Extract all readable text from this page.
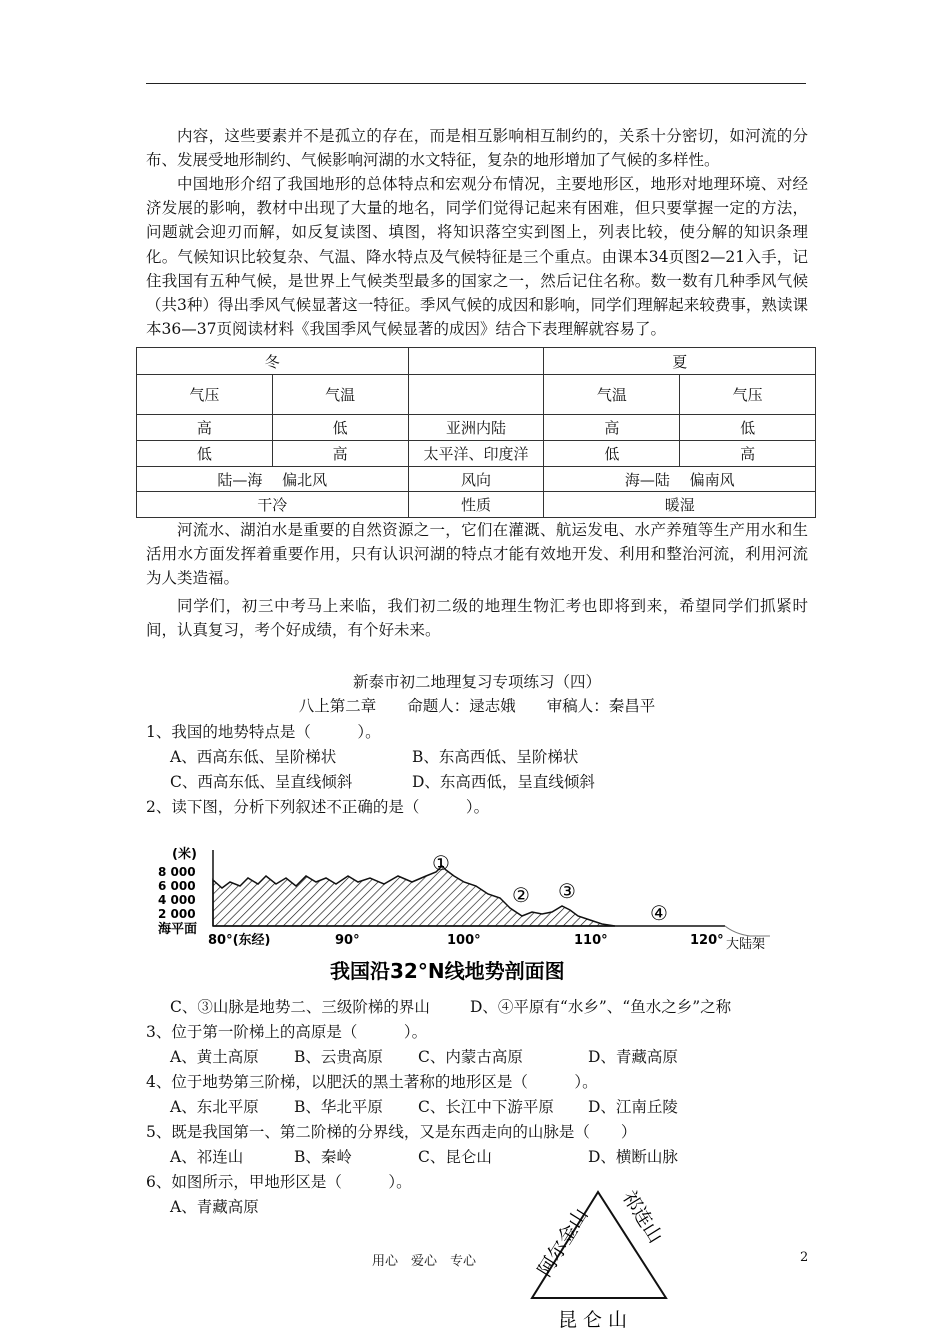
内容，这些要素并不是孤立的存在，而是相互影响相互制约的，关系十分密切，如河流的分布、发展受地形制约、气候影响河湖的水文特征，复杂的地形增加了气候的多样性。

中国地形介绍了我国地形的总体特点和宏观分布情况，主要地形区，地形对地理环境、对经济发展的影响，教材中出现了大量的地名，同学们觉得记起来有困难，但只要掌握一定的方法，问题就会迎刃而解，如反复读图、填图，将知识落空实到图上，列表比较，使分解的知识条理化。气候知识比较复杂、气温、降水特点及气候特征是三个重点。由课本34页图2—21入手，记住我国有五种气候，是世界上气候类型最多的国家之一，然后记住名称。数一数有几种季风气候（共3种）得出季风气候显著这一特征。季风气候的成因和影响，同学们理解起来较费事，熟读课本36—37页阅读材料《我国季风气候显著的成因》结合下表理解就容易了。

冬			夏	
气压	气温		气温	气压
高	低	亚洲内陆	高	低
低	高	太平洋、印度洋	低	高
陆—海　 偏北风		风向	海—陆　 偏南风	
干冷		性质	暖湿	

河流水、湖泊水是重要的自然资源之一，它们在灌溉、航运发电、水产养殖等生产用水和生活用水方面发挥着重要作用，只有认识河湖的特点才能有效地开发、利用和整治河流，利用河流为人类造福。

同学们，初三中考马上来临，我们初二级的地理生物汇考也即将到来，希望同学们抓紧时间，认真复习，考个好成绩，有个好未来。

新泰市初二地理复习专项练习（四）
八上第二章　　命题人：逯志娥　　审稿人：秦昌平
1、我国的地势特点是（　　　）。
A、西高东低、呈阶梯状	B、东高西低、呈阶梯状
C、西高东低、呈直线倾斜	D、东高西低，呈直线倾斜
2、读下图，分析下列叙述不正确的是（　　　）。
(米)
8 000
6 000
4 000
2 000
海平面
①
② ③
④
80°(东经)	90°	100°	110°	120° 大陆架
我国沿32°N线地势剖面图
C、③山脉是地势二、三级阶梯的界山	D、④平原有“水乡”、“鱼水之乡”之称
3、位于第一阶梯上的高原是（　　　）。
A、黄土高原 B、云贵高原 C、内蒙古高原	D、青藏高原
4、位于地势第三阶梯，以肥沃的黑土著称的地形区是（　　　）。
A、东北平原 B、华北平原 C、长江中下游平原 D、江南丘陵
5、既是我国第一、第二阶梯的分界线，又是东西走向的山脉是（　　）
A、祁连山	B、秦岭	C、昆仑山	D、横断山脉
6、如图所示，甲地形区是（　　　）。
A、青藏高原	阿尔金山 祁连山
昆仑山
用心　爱心　专心	2
